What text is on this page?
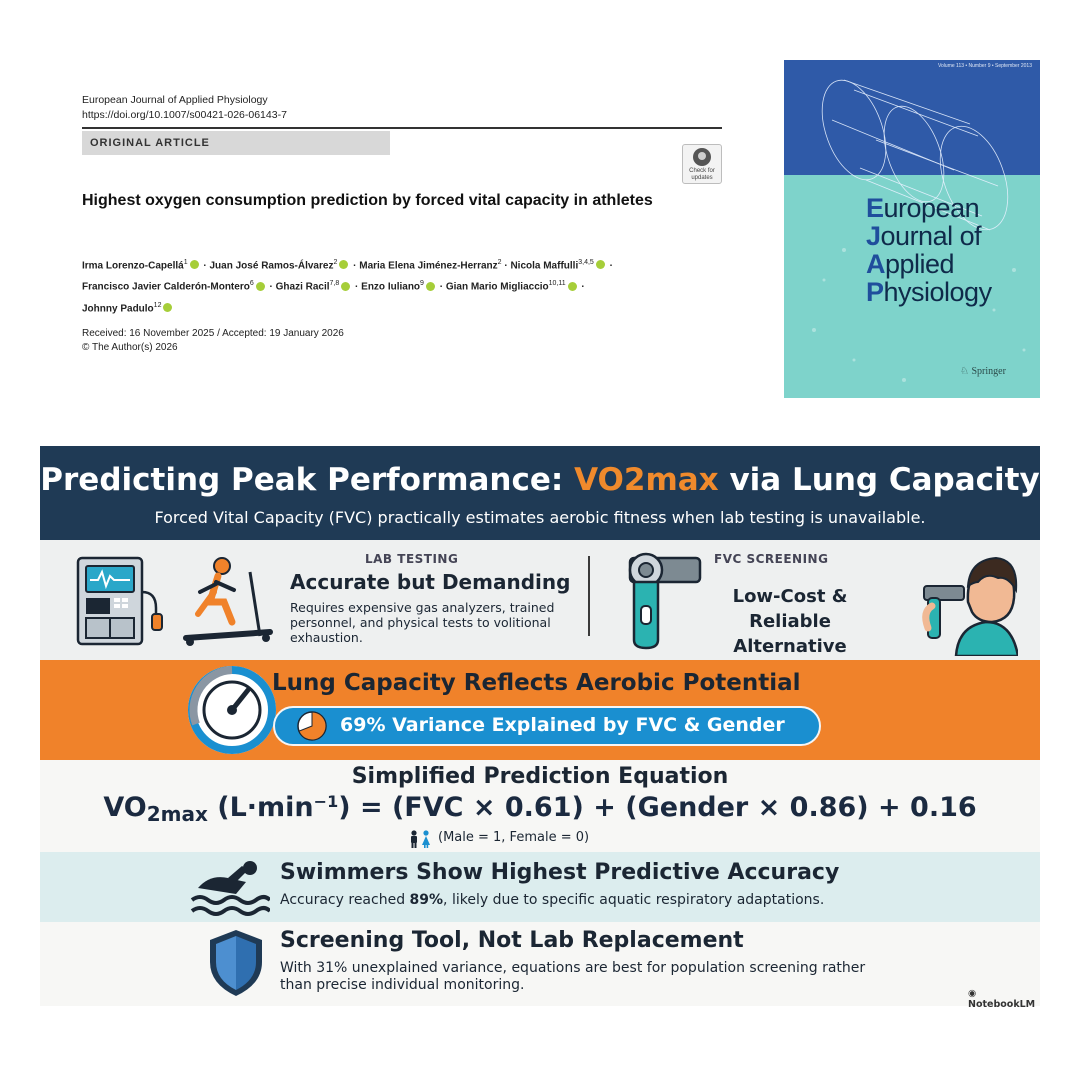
European Journal of Applied Physiology
https://doi.org/10.1007/s00421-026-06143-7
ORIGINAL ARTICLE
Check for updates
Highest oxygen consumption prediction by forced vital capacity in athletes
Irma Lorenzo-Capellá$^1$ · Juan José Ramos-Álvarez$^2$ · Maria Elena Jiménez-Herranz$^2$ · Nicola Maffulli$^{3,4,5}$ ·
Francisco Javier Calderón-Montero$^6$ · Ghazi Racil$^{7,8}$ · Enzo Iuliano$^9$ · Gian Mario Migliaccio$^{10,11}$ ·
Johnny Padulo$^{12}$
Received: 16 November 2025 / Accepted: 19 January 2026
© The Author(s) 2026
Volume 113 • Number 9 • September 2013
European
Journal of
Applied
Physiology
♘ Springer
Predicting Peak Performance: VO2max via Lung Capacity
Forced Vital Capacity (FVC) practically estimates aerobic fitness when lab testing is unavailable.
LAB TESTING
Accurate but Demanding
Requires expensive gas analyzers, trained personnel, and physical tests to volitional exhaustion.
FVC SCREENING
Low-Cost &
Reliable Alternative
Lung Capacity Reflects Aerobic Potential
69% Variance Explained by FVC & Gender
Simplified Prediction Equation
VO2max $(L\cdot\min^{-1}) = (FVC \times 0.61)$ + (Gender × 0.86) + 0.16
(Male = 1, Female = 0)
Swimmers Show Highest Predictive Accuracy
Accuracy reached 89%, likely due to specific aquatic respiratory adaptations.
Screening Tool, Not Lab Replacement
With 31% unexplained variance, equations are best for population screening rather than precise individual monitoring.
◉ NotebookLM
